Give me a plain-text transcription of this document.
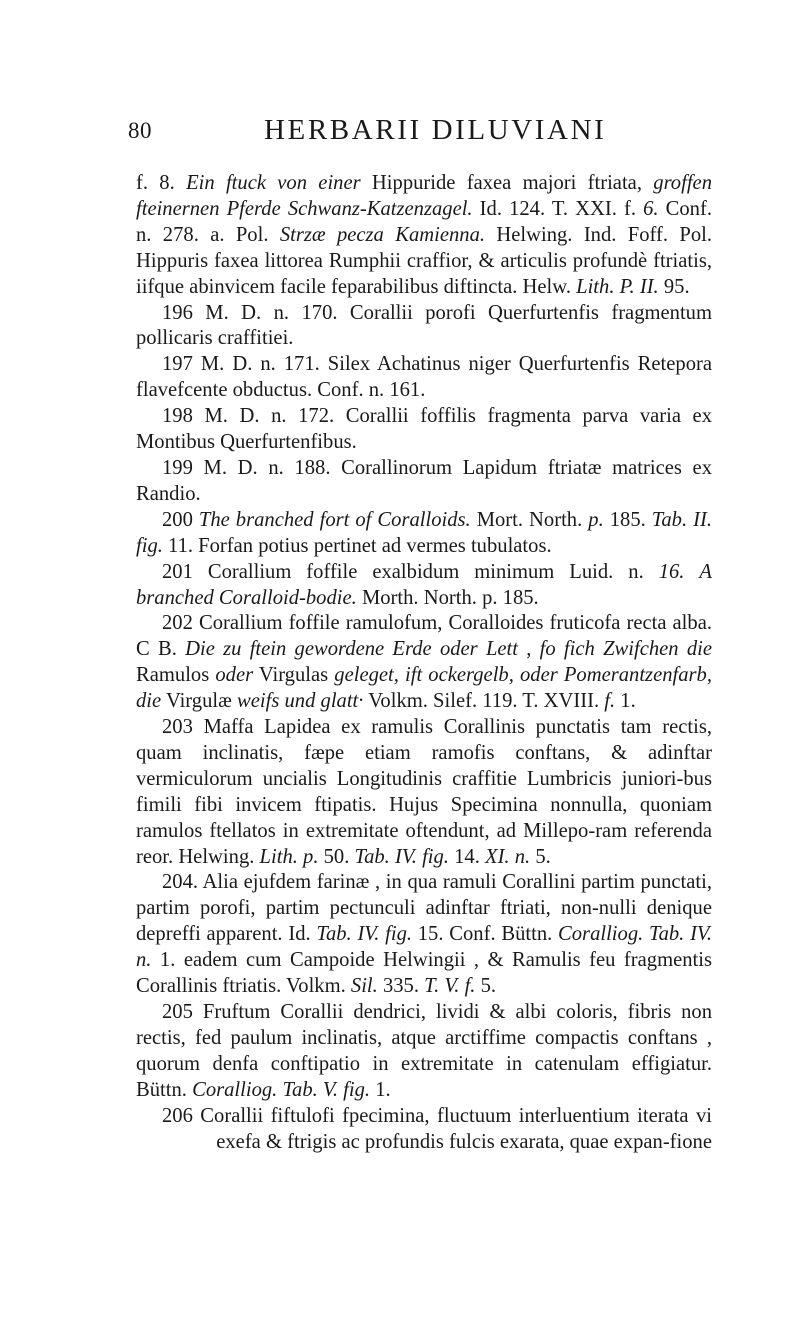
80	HERBARII DILUVIANI

f. 8. Ein ftuck von einer Hippuride faxea majori ftriata, groffen fteinernen Pferde Schwanz-Katzenzagel. Id. 124. T. XXI. f. 6. Conf. n. 278. a. Pol. Strzæ pecza Kamienna. Helwing. Ind. Foff. Pol. Hippuris faxea littorea Rumphii craffior, & articulis profundè ftriatis, iifque abinvicem facile feparabilibus diftincta. Helw. Lith. P. II. 95.

196 M. D. n. 170. Corallii porofi Querfurtenfis fragmentum pollicaris craffitiei.

197 M. D. n. 171. Silex Achatinus niger Querfurtenfis Retepora flavefcente obductus. Conf. n. 161.

198 M. D. n. 172. Corallii foffilis fragmenta parva varia ex Montibus Querfurtenfibus.

199 M. D. n. 188. Corallinorum Lapidum ftriatæ matrices ex Randio.

200 The branched fort of Coralloids. Mort. North. p. 185. Tab. II. fig. 11. Forfan potius pertinet ad vermes tubulatos.

201 Corallium foffile exalbidum minimum Luid. n. 16. A branched Coralloid-bodie. Morth. North. p. 185.

202 Corallium foffile ramulofum, Coralloides fruticofa recta alba. C B. Die zu ftein gewordene Erde oder Lett , fo fich Zwifchen die Ramulos oder Virgulas geleget, ift ockergelb, oder Pomerantzenfarb, die Virgulæ weifs und glatt· Volkm. Silef. 119. T. XVIII. f. 1.

203 Maffa Lapidea ex ramulis Corallinis punctatis tam rectis, quam inclinatis, fæpe etiam ramofis conftans, & adinftar vermiculorum uncialis Longitudinis craffitie Lumbricis juniori-bus fimili fibi invicem ftipatis. Hujus Specimina nonnulla, quoniam ramulos ftellatos in extremitate oftendunt, ad Millepo-ram referenda reor. Helwing. Lith. p. 50. Tab. IV. fig. 14. XI. n. 5.

204. Alia ejufdem farinæ , in qua ramuli Corallini partim punctati, partim porofi, partim pectunculi adinftar ftriati, non-nulli denique depreffi apparent. Id. Tab. IV. fig. 15. Conf. Büttn. Coralliog. Tab. IV. n. 1. eadem cum Campoide Helwingii , & Ramulis feu fragmentis Corallinis ftriatis. Volkm. Sil. 335. T. V. f. 5.

205 Fruftum Corallii dendrici, lividi & albi coloris, fibris non rectis, fed paulum inclinatis, atque arctiffime compactis conftans , quorum denfa conftipatio in extremitate in catenulam effigiatur. Büttn. Coralliog. Tab. V. fig. 1.

206 Corallii fiftulofi fpecimina, fluctuum interluentium iterata vi exefa & ftrigis ac profundis fulcis exarata, quae expan-fione
